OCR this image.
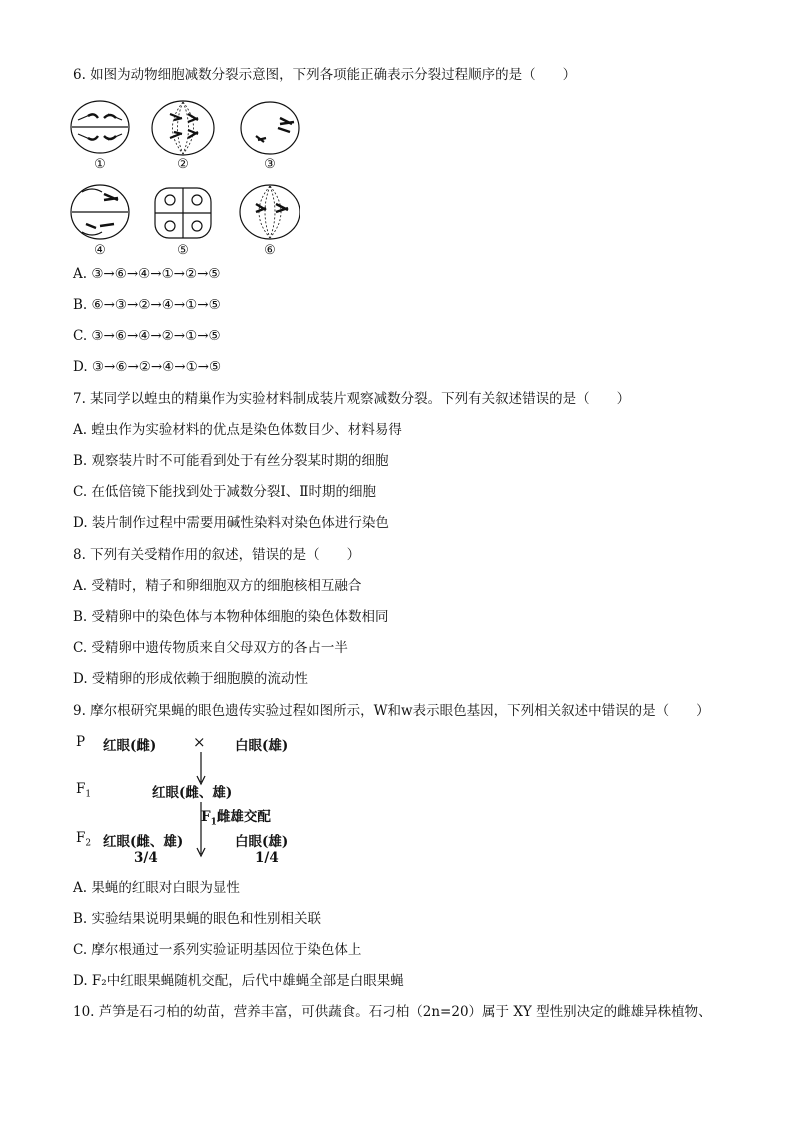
6. 如图为动物细胞减数分裂示意图，下列各项能正确表示分裂过程顺序的是（　　）
①	②	③
④	⑤	⑥
A. ③→⑥→④→①→②→⑤
B. ⑥→③→②→④→①→⑤
C. ③→⑥→④→②→①→⑤
D. ③→⑥→②→④→①→⑤
7. 某同学以蝗虫的精巢作为实验材料制成装片观察减数分裂。下列有关叙述错误的是（　　）
A. 蝗虫作为实验材料的优点是染色体数目少、材料易得
B. 观察装片时不可能看到处于有丝分裂某时期的细胞
C. 在低倍镜下能找到处于减数分裂Ⅰ、Ⅱ时期的细胞
D. 装片制作过程中需要用碱性染料对染色体进行染色
8. 下列有关受精作用的叙述，错误的是（　　）
A. 受精时，精子和卵细胞双方的细胞核相互融合
B. 受精卵中的染色体与本物种体细胞的染色体数相同
C. 受精卵中遗传物质来自父母双方的各占一半
D. 受精卵的形成依赖于细胞膜的流动性
9. 摩尔根研究果蝇的眼色遗传实验过程如图所示，W和w表示眼色基因，下列相关叙述中错误的是（　　）
P 红眼(雌) × 白眼(雄)
$F_1$	红眼(雌、雄)
$F_1$雌雄交配
$F_2$ 红眼(雌、雄)	白眼(雄)
3/4	1/4
A. 果蝇的红眼对白眼为显性
B. 实验结果说明果蝇的眼色和性别相关联
C. 摩尔根通过一系列实验证明基因位于染色体上
D. F₂中红眼果蝇随机交配，后代中雄蝇全部是白眼果蝇
10. 芦笋是石刁柏的幼苗，营养丰富，可供蔬食。石刁柏（2n=20）属于 XY 型性别决定的雌雄异株植物、
